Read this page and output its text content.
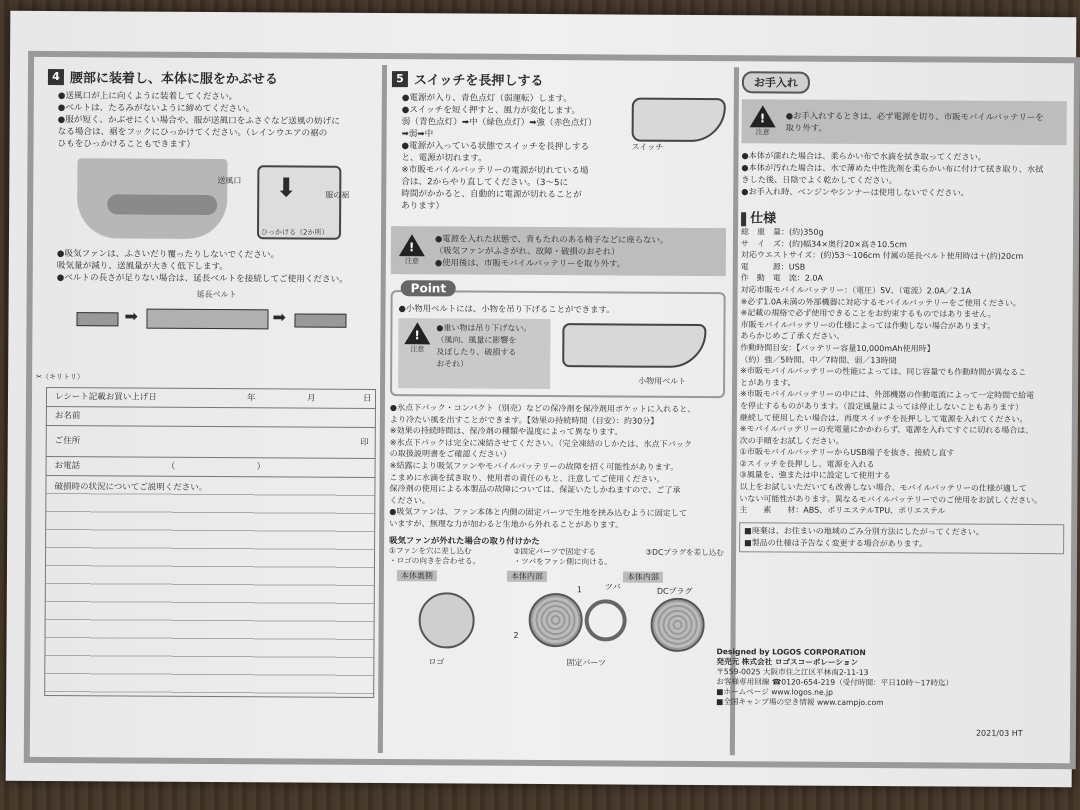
4 腰部に装着し、本体に服をかぶせる
●送風口が上に向くように装着してください。
●ベルトは、たるみがないように締めてください。
●服が短く、かぶせにくい場合や、服が送風口をふさぐなど送風の妨げに
なる場合は、裾をフックにひっかけてください。（レインウエアの裾の
ひもをひっかけることもできます）
送風口 ⬇	服の裾
ひっかける（2か所）
●吸気ファンは、ふさいだり覆ったりしないでください。
吸気量が減り、送風量が大きく低下します。
●ベルトの長さが足りない場合は、延長ベルトを接続してご使用ください。
延長ベルト
➡	➡
✂（キリトリ）
レシート記載お買い上げ日	年	月	日
お名前
ご住所	印
お電話	（	）
破損時の状況についてご説明ください。
5 スイッチを長押しする
●電源が入り、青色点灯（弱運転）します。
●スイッチを短く押すと、風力が変化します。
弱（青色点灯）➡中（緑色点灯）➡強（赤色点灯）
➡弱➡中
●電源が入っている状態でスイッチを長押しする
と、電源が切れます。
※市販モバイルバッテリーの電源が切れている場
合は、2からやり直してください。（3～5に
時間がかかると、自動的に電源が切れることが
あります）
スイッチ
!
注意
●電源を入れた状態で、背もたれのある椅子などに座らない。
（吸気ファンがふさがれ、故障・破損のおそれ）
●使用後は、市販モバイルバッテリーを取り外す。
Point
●小物用ベルトには、小物を吊り下げることができます。
!
注意
●重い物は吊り下げない。
（風向、風量に影響を
及ぼしたり、破損する
おそれ）
小物用ベルト
●氷点下パック・コンパクト（別売）などの保冷剤を保冷剤用ポケットに入れると、
より冷たい風を出すことができます。【効果の持続時間（目安）：約30分】
※効果の持続時間は、保冷剤の種類や温度によって異なります。
※氷点下パックは完全に凍結させてください。（完全凍結のしかたは、氷点下パック
の取扱説明書をご確認ください）
※結露により吸気ファンやモバイルバッテリーの故障を招く可能性があります。
こまめに水滴を拭き取り、使用者の責任のもと、注意してご使用ください。
保冷剤の使用による本製品の故障については、保証いたしかねますので、ご了承
ください。
●吸気ファンは、ファン本体と内側の固定パーツで生地を挟み込むように固定して
いますが、無理な力が加わると生地から外れることがあります。
吸気ファンが外れた場合の取り付けかた
①ファンを穴に差し込む
・ロゴの向きを合わせる。
②固定パーツで固定する
・ツバをファン側に向ける。
③DCプラグを差し込む
本体裏側	本体内部	本体内部
ロゴ
1
2
ツバ
固定パーツ
DCプラグ
お手入れ
!
注意
●お手入れするときは、必ず電源を切り、市販モバイルバッテリーを
取り外す。
●本体が濡れた場合は、柔らかい布で水滴を拭き取ってください。
●本体が汚れた場合は、水で薄めた中性洗剤を柔らかい布に付けて拭き取り、水拭
きした後、日陰でよく乾かしてください。
●お手入れ時、ベンジンやシンナーは使用しないでください。
仕様
総　重　量：(約)350g
サ　イ　ズ：(約)幅34×奥行20×高さ10.5cm
対応ウエストサイズ：(約)53～106cm 付属の延長ベルト使用時は＋(約)20cm
電　　　源：USB
作　動　電　流：2.0A
対応市販モバイルバッテリー：（電圧）5V、（電流）2.0A／2.1A
※必ず1.0A未満の外部機器に対応するモバイルバッテリーをご使用ください。
※記載の規格で必ず使用できることをお約束するものではありません。
市販モバイルバッテリーの仕様によっては作動しない場合があります。
あらかじめご了承ください。
作動時間目安：【バッテリー容量10,000mAh使用時】
（約）強／5時間、中／7時間、弱／13時間
※市販モバイルバッテリーの性能によっては、同じ容量でも作動時間が異なるこ
とがあります。
※市販モバイルバッテリーの中には、外部機器の作動電流によって一定時間で給電
を停止するものがあります。（設定風量によっては停止しないこともあります）
継続して使用したい場合は、再度スイッチを長押しして電源を入れてください。
※モバイルバッテリーの充電量にかかわらず、電源を入れてすぐに切れる場合は、
次の手順をお試しください。
①市販モバイルバッテリーからUSB端子を抜き、接続し直す
②スイッチを長押しし、電源を入れる
③風量を、強または中に設定して使用する
以上をお試しいただいても改善しない場合、モバイルバッテリーの仕様が適して
いない可能性があります。異なるモバイルバッテリーでのご使用をお試しください。
主　　素　　材：ABS、ポリエステルTPU、ポリエステル
■廃棄は、お住まいの地域のごみ分別方法にしたがってください。
■製品の仕様は予告なく変更する場合があります。
Designed by LOGOS CORPORATION
発売元 株式会社 ロゴスコーポレーション
〒559-0025 大阪市住之江区平林南2-11-13
お客様専用回線 ☎0120-654-219（受付時間：平日10時～17時迄）
■ホームページ www.logos.ne.jp
■全国キャンプ場の空き情報 www.campjo.com
2021/03 HT
